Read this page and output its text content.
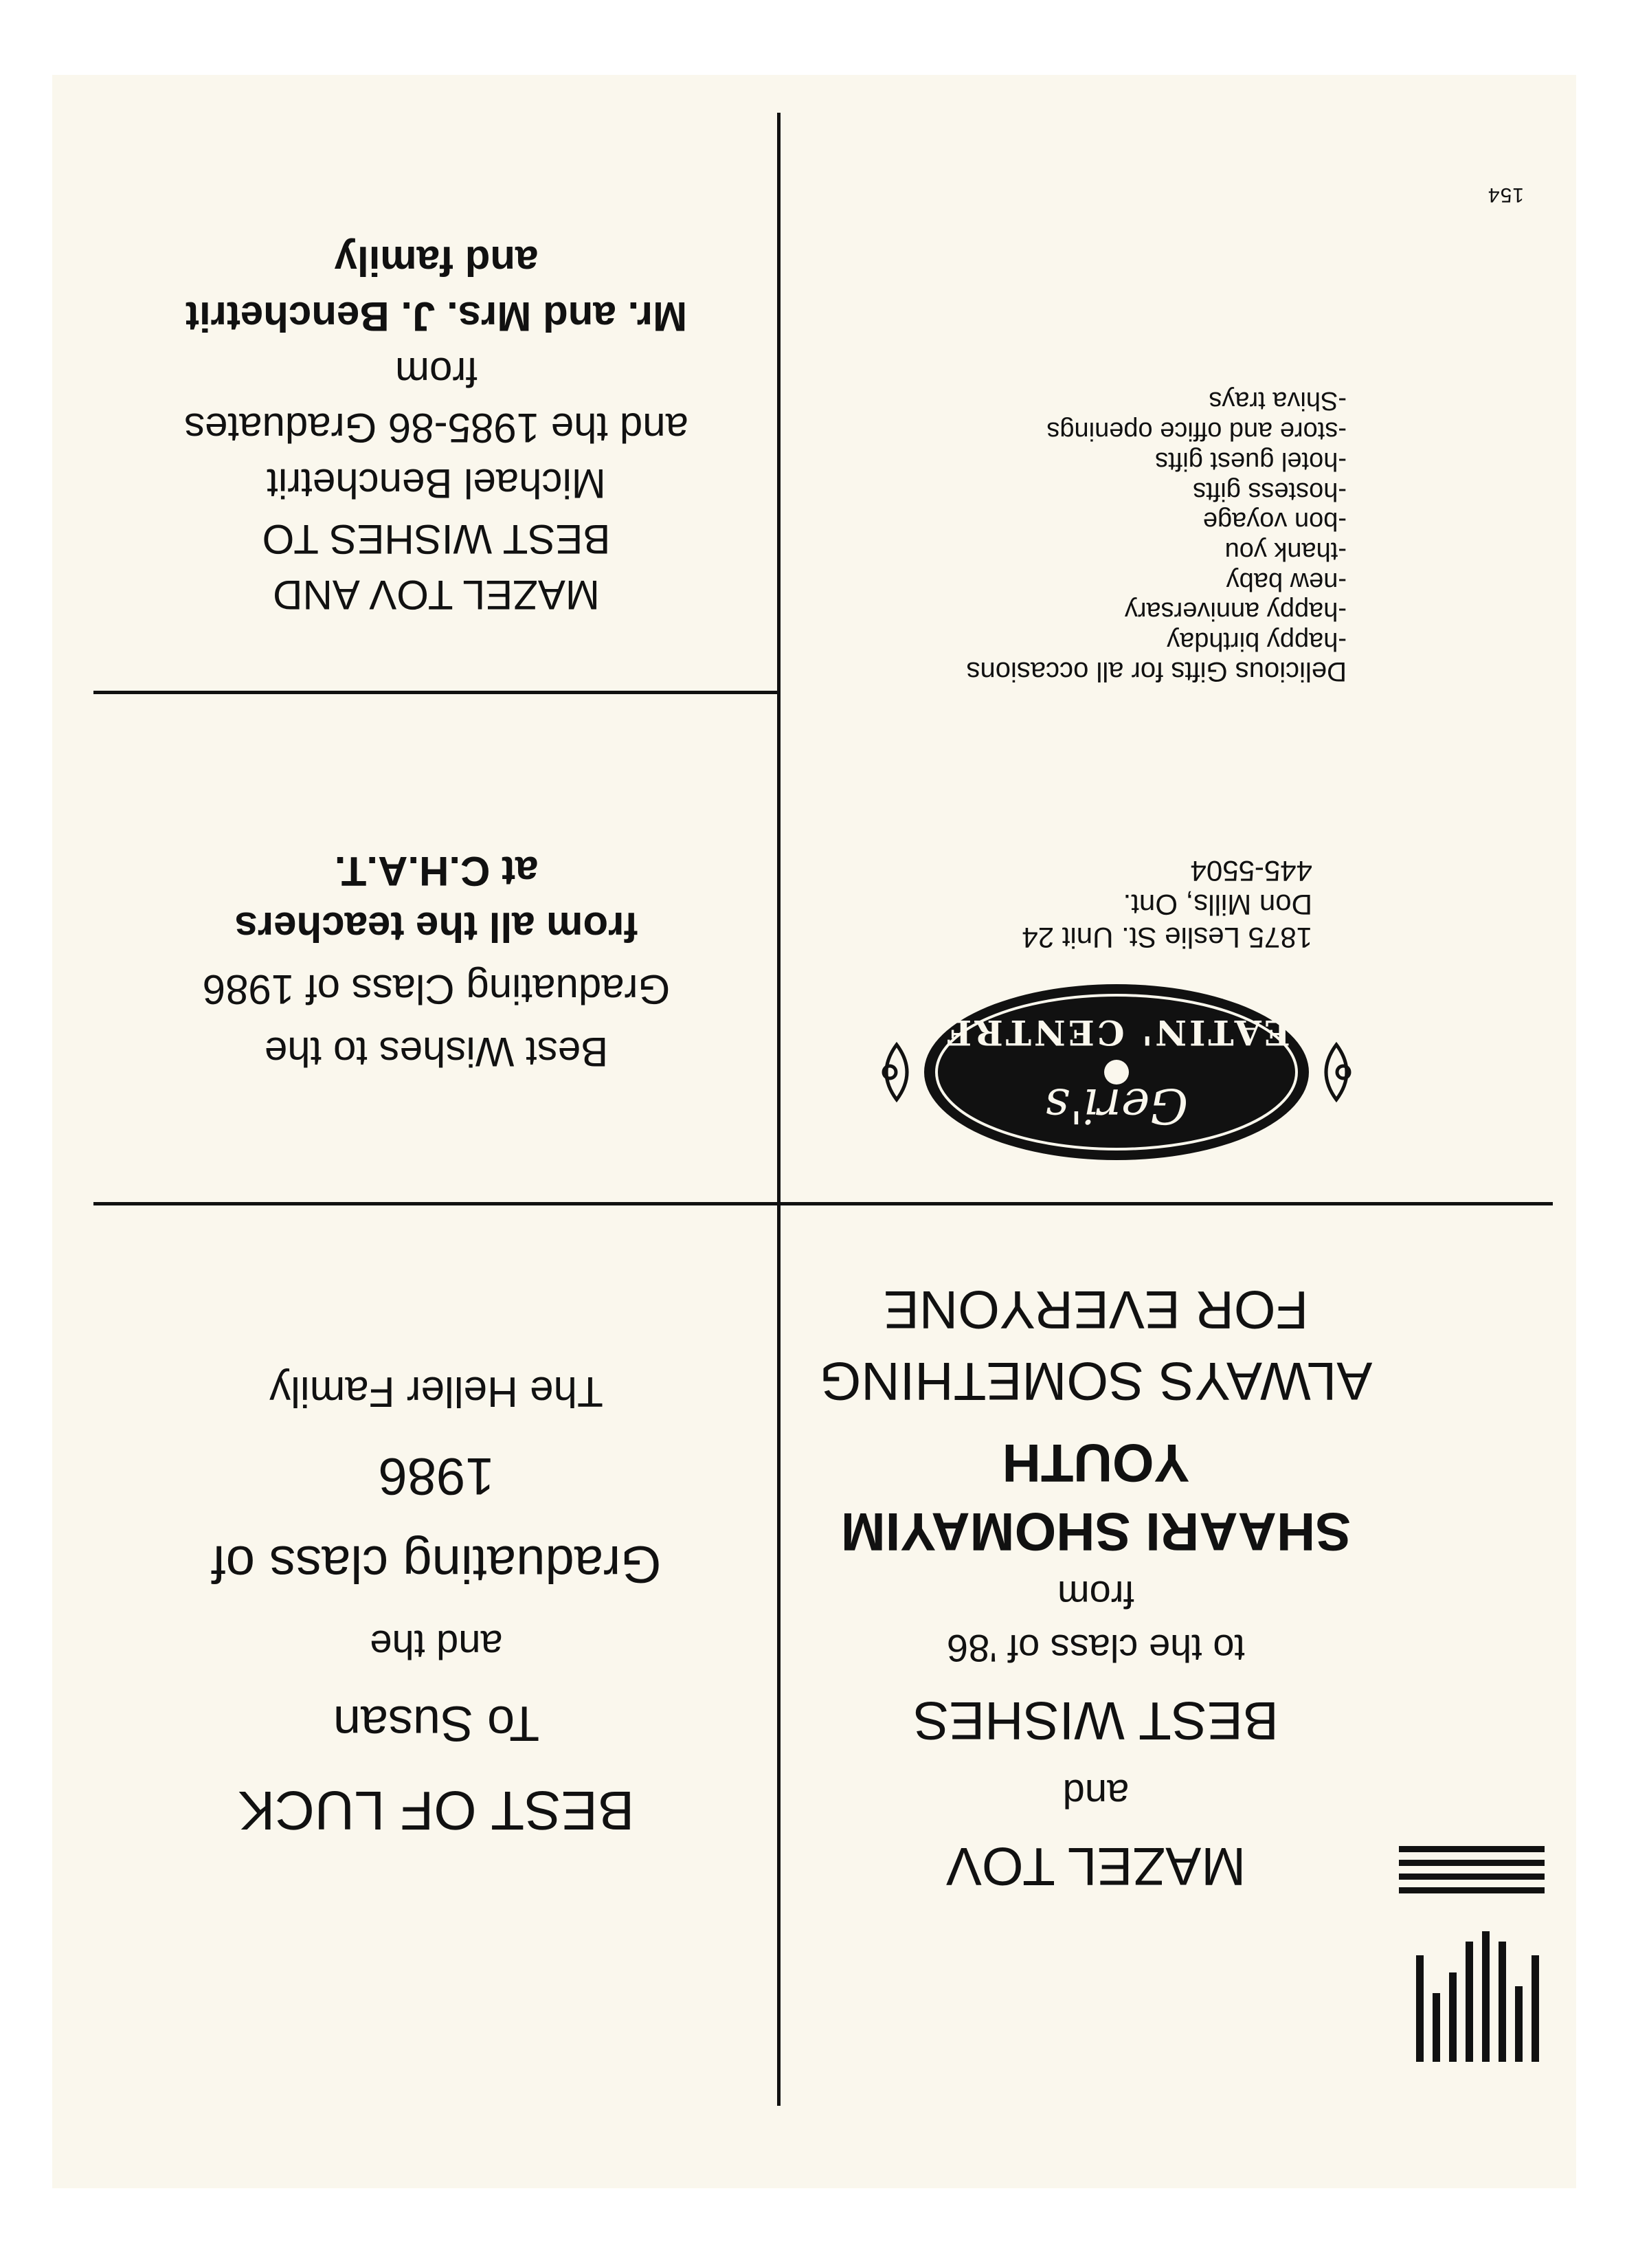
MAZEL TOV
and
BEST WISHES
to the class of '86
from
SHAARI SHOMAYIM
YOUTH
ALWAYS SOMETHING
FOR EVERYONE
BEST OF LUCK
To Susan
and the
Graduating class of
1986
The Heller Family
Geri's
EATIN' CENTRE
1875 Leslie St. Unit 24
Don Mills, Ont.
445-5504
Delicious Gifts for all occasions
-happy birthday
-happy anniversary
-new baby
-thank you
-bon voyage
-hostess gifts
-hotel guest gifts
-store and office openings
-Shiva trays
Best Wishes to the
Graduating Class of 1986
from all the teachers
at C.H.A.T.
MAZEL TOV AND
BEST WISHES TO
Michael Benchetrit
and the 1985-86 Graduates
from
Mr. and Mrs. J. Benchetrit
and family
154
